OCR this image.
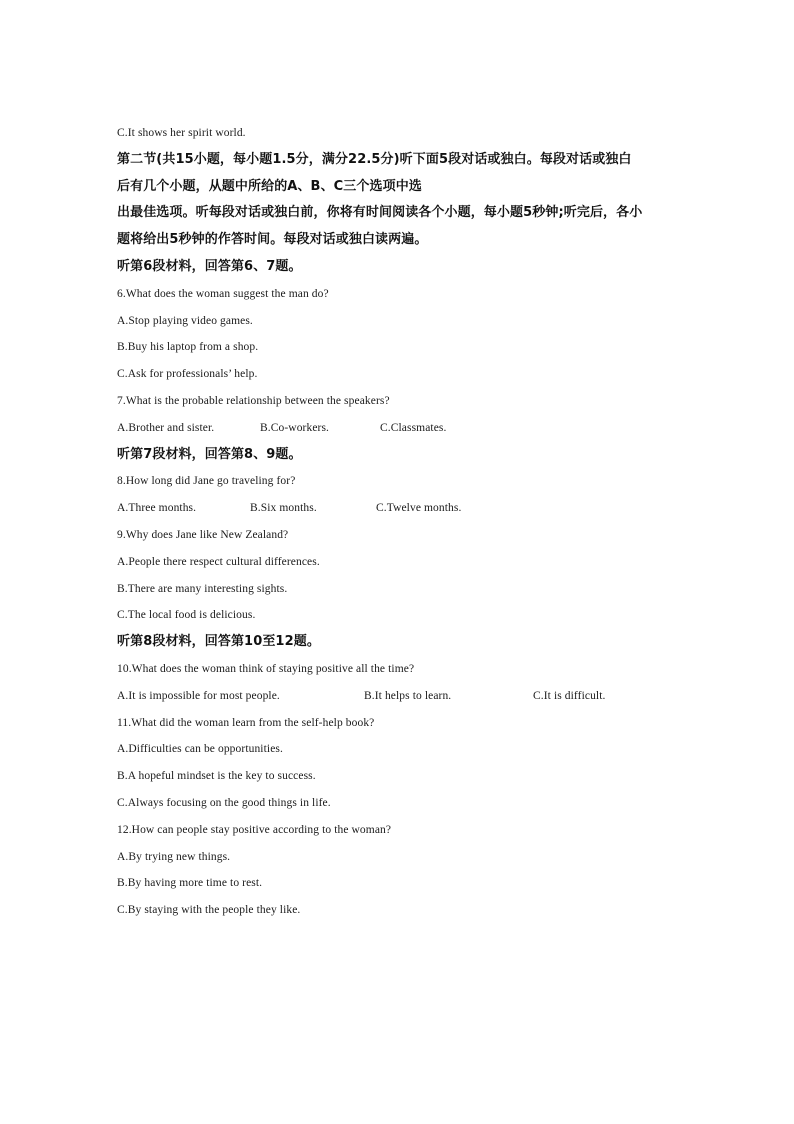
C.It shows her spirit world.
第二节(共15小题，每小题1.5分，满分22.5分)听下面5段对话或独白。每段对话或独白
后有几个小题，从题中所给的A、B、C三个选项中选
出最佳选项。听每段对话或独白前，你将有时间阅读各个小题，每小题5秒钟;听完后，各小
题将给出5秒钟的作答时间。每段对话或独白读两遍。
听第6段材料，回答第6、7题。
6.What does the woman suggest the man do?
A.Stop playing video games.
B.Buy his laptop from a shop.
C.Ask for professionals’ help.
7.What is the probable relationship between the speakers?
A.Brother and sister.	B.Co-workers.	C.Classmates.
听第7段材料，回答第8、9题。
8.How long did Jane go traveling for?
A.Three months.	B.Six months.	C.Twelve months.
9.Why does Jane like New Zealand?
A.People there respect cultural differences.
B.There are many interesting sights.
C.The local food is delicious.
听第8段材料，回答第10至12题。
10.What does the woman think of staying positive all the time?
A.It is impossible for most people.	B.It helps to learn.	C.It is difficult.
11.What did the woman learn from the self-help book?
A.Difficulties can be opportunities.
B.A hopeful mindset is the key to success.
C.Always focusing on the good things in life.
12.How can people stay positive according to the woman?
A.By trying new things.
B.By having more time to rest.
C.By staying with the people they like.
